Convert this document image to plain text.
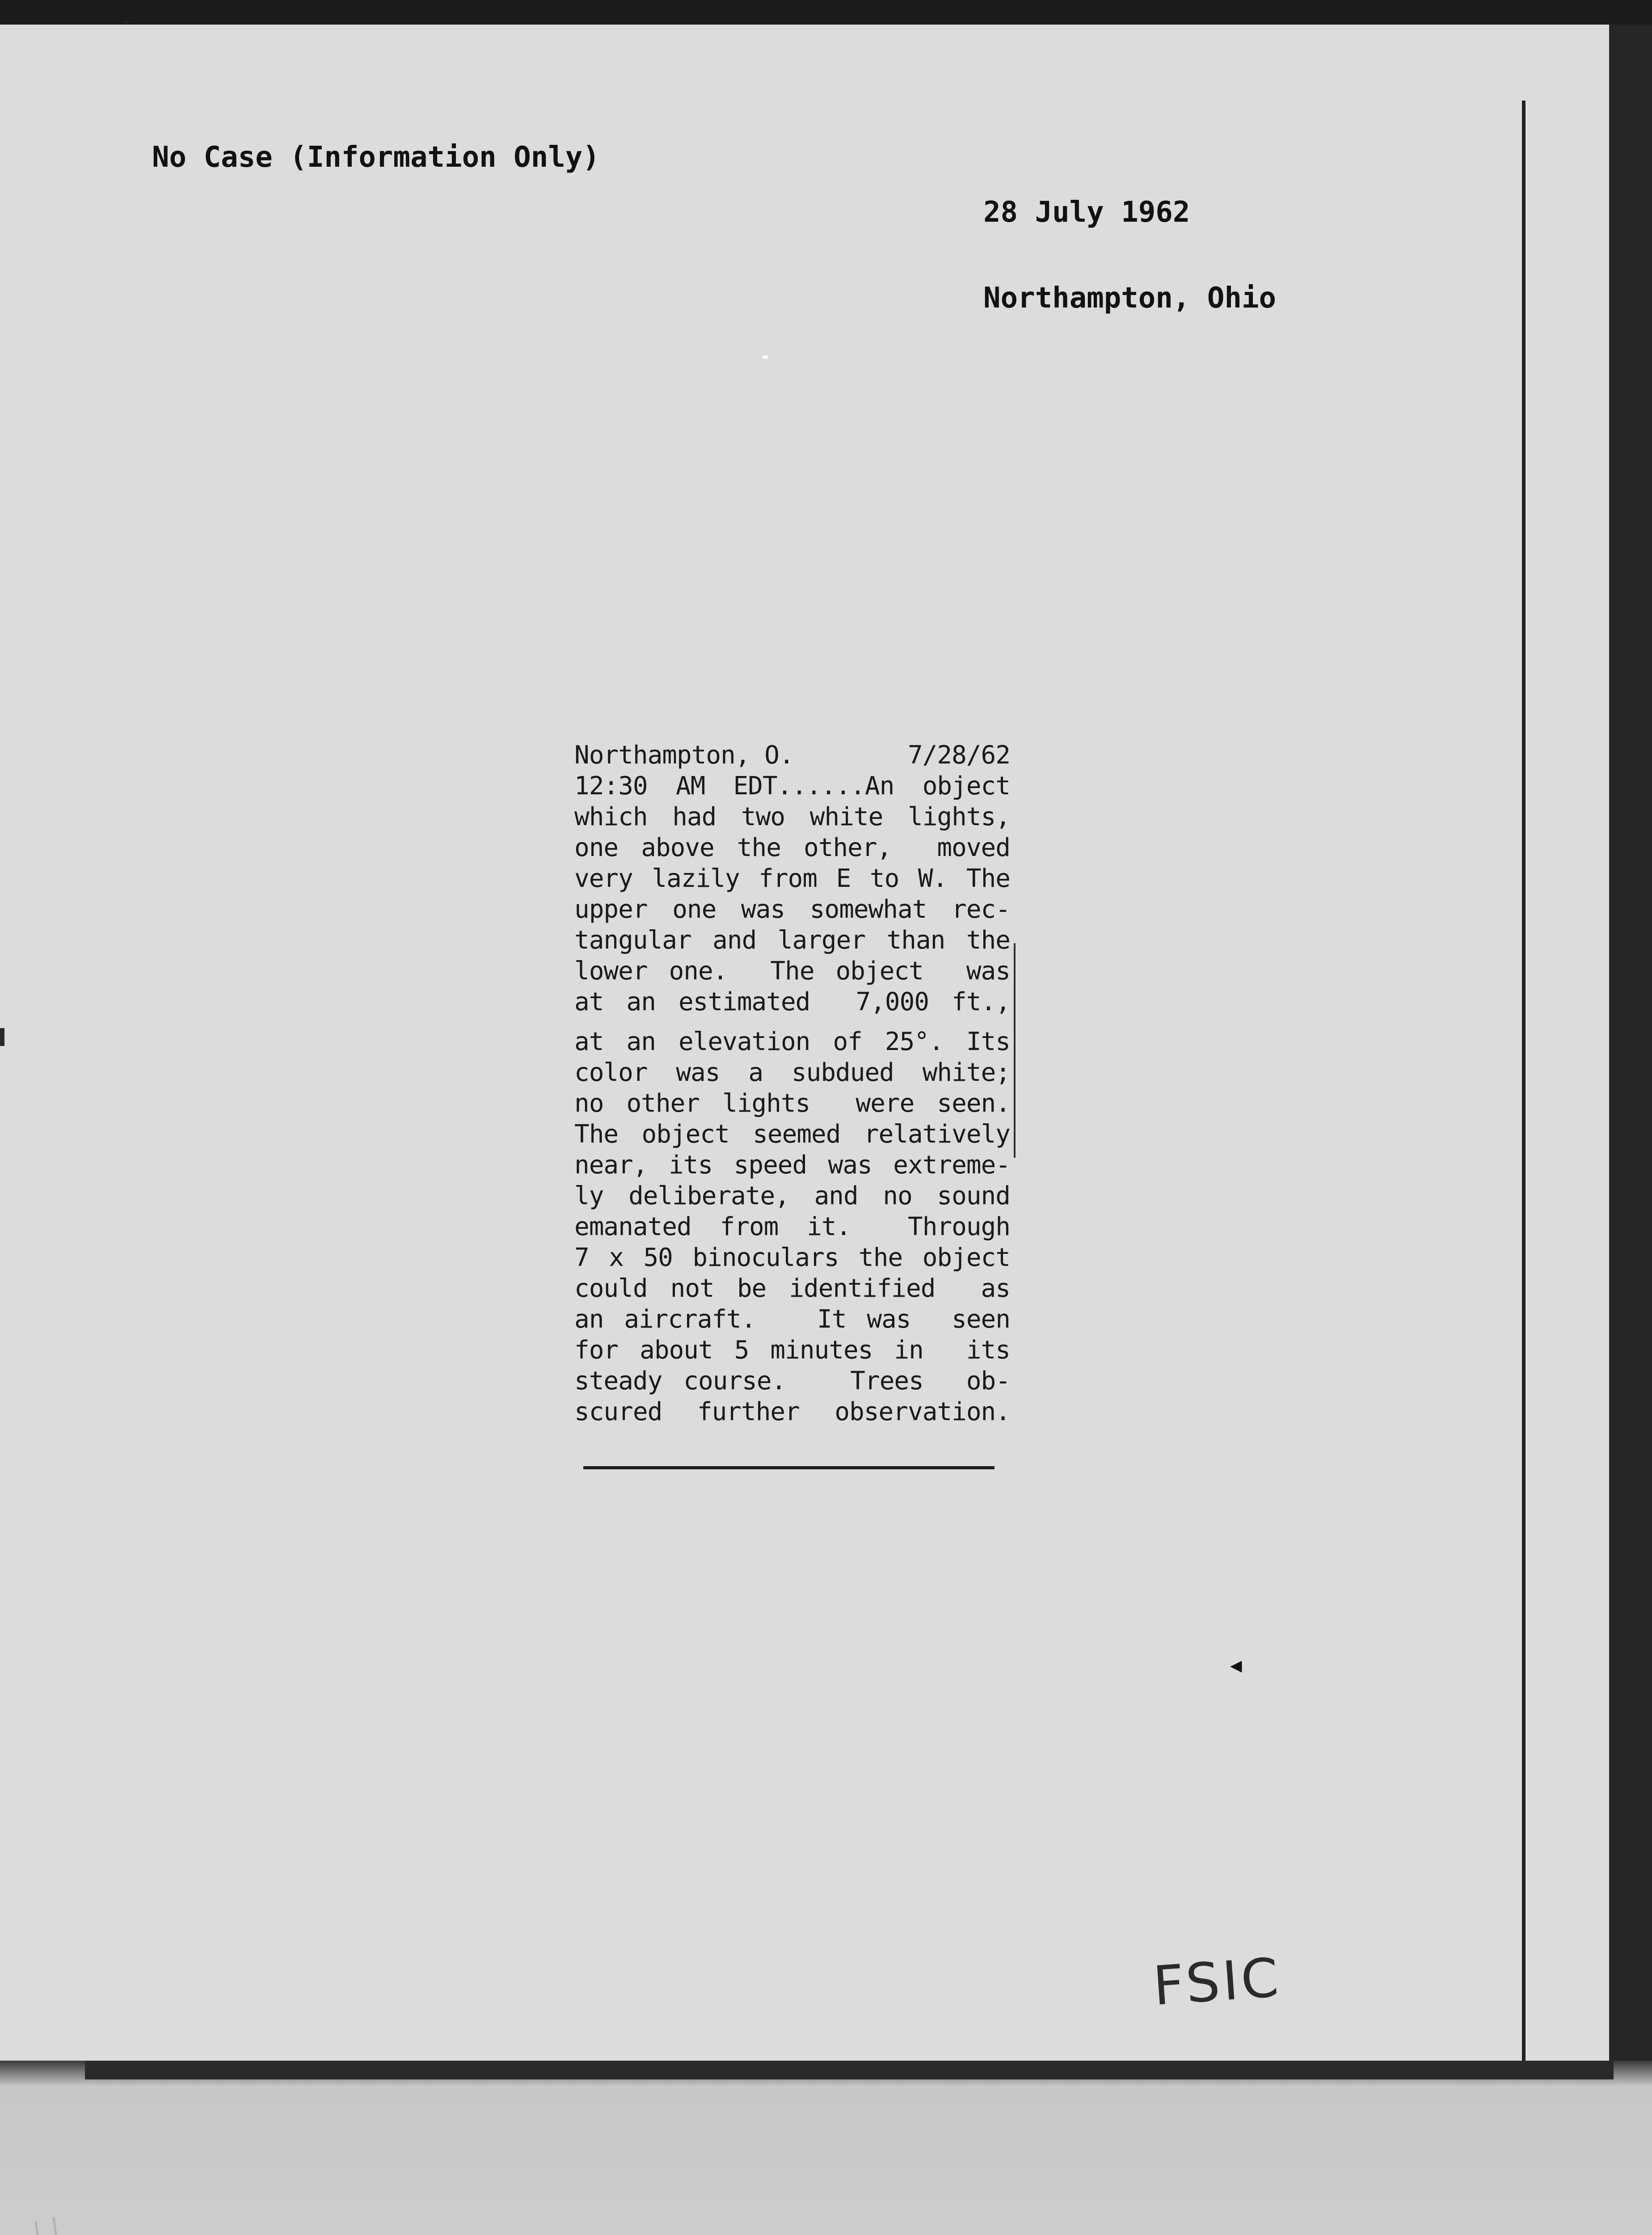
No Case (Information Only)

28 July 1962

Northampton, Ohio

Northampton, O.	7/28/62
12:30 AM EDT......An object
which had two white lights,
one above the other,  moved
very lazily from E to W. The
upper one was somewhat rec-
tangular and larger than the
lower one.  The object  was
at an estimated  7,000 ft.,
at an elevation of 25°. Its
color was a subdued white;
no other lights  were seen.
The object seemed relatively
near, its speed was extreme-
ly deliberate, and no sound
emanated from it.  Through
7 x 50 binoculars the object
could not be identified  as
an aircraft.   It was  seen
for about 5 minutes in  its
steady course.   Trees  ob-
scured further observation.
◀
FSIC
